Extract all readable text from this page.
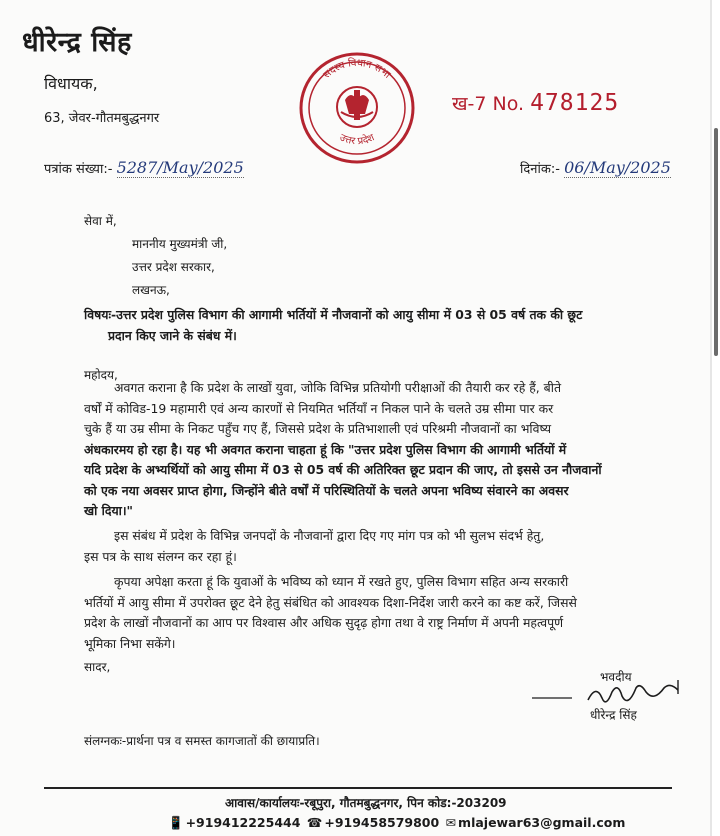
धीरेन्द्र सिंह
विधायक,
63, जेवर-गौतमबुद्धनगर
सदस्य विधान सभा
उत्तर प्रदेश
ख-7 No. 478125
पत्रांक संख्या:- 5287/May/2025	दिनांक:- 06/May/2025
सेवा में,
माननीय मुख्यमंत्री जी,
उत्तर प्रदेश सरकार,
लखनऊ,
विषयः-उत्तर प्रदेश पुलिस विभाग की आगामी भर्तियों में नौजवानों को आयु सीमा में 03 से 05 वर्ष तक की छूट
प्रदान किए जाने के संबंध में।
महोदय,
अवगत कराना है कि प्रदेश के लाखों युवा, जोकि विभिन्न प्रतियोगी परीक्षाओं की तैयारी कर रहे हैं, बीते
वर्षों में कोविड-19 महामारी एवं अन्य कारणों से नियमित भर्तियाँ न निकल पाने के चलते उम्र सीमा पार कर
चुके हैं या उम्र सीमा के निकट पहुँच गए हैं, जिससे प्रदेश के प्रतिभाशाली एवं परिश्रमी नौजवानों का भविष्य
अंधकारमय हो रहा है। यह भी अवगत कराना चाहता हूं कि "उत्तर प्रदेश पुलिस विभाग की आगामी भर्तियों में
यदि प्रदेश के अभ्यर्थियों को आयु सीमा में 03 से 05 वर्ष की अतिरिक्त छूट प्रदान की जाए, तो इससे उन नौजवानों
को एक नया अवसर प्राप्त होगा, जिन्होंने बीते वर्षों में परिस्थितियों के चलते अपना भविष्य संवारने का अवसर
खो दिया।"
इस संबंध में प्रदेश के विभिन्न जनपदों के नौजवानों द्वारा दिए गए मांग पत्र को भी सुलभ संदर्भ हेतु,
इस पत्र के साथ संलग्न कर रहा हूं।
कृपया अपेक्षा करता हूं कि युवाओं के भविष्य को ध्यान में रखते हुए, पुलिस विभाग सहित अन्य सरकारी
भर्तियों में आयु सीमा में उपरोक्त छूट देने हेतु संबंधित को आवश्यक दिशा-निर्देश जारी करने का कष्ट करें, जिससे
प्रदेश के लाखों नौजवानों का आप पर विश्वास और अधिक सुदृढ़ होगा तथा वे राष्ट्र निर्माण में अपनी महत्वपूर्ण
भूमिका निभा सकेंगे।
सादर,
भवदीय
धीरेन्द्र सिंह
संलग्नकः-प्रार्थना पत्र व समस्त कागजातों की छायाप्रति।
आवास/कार्यालयः-रबूपुरा, गौतमबुद्धनगर, पिन कोड:-203209
📱 +919412225444 ☎ +919458579800 ✉ mlajewar63@gmail.com
